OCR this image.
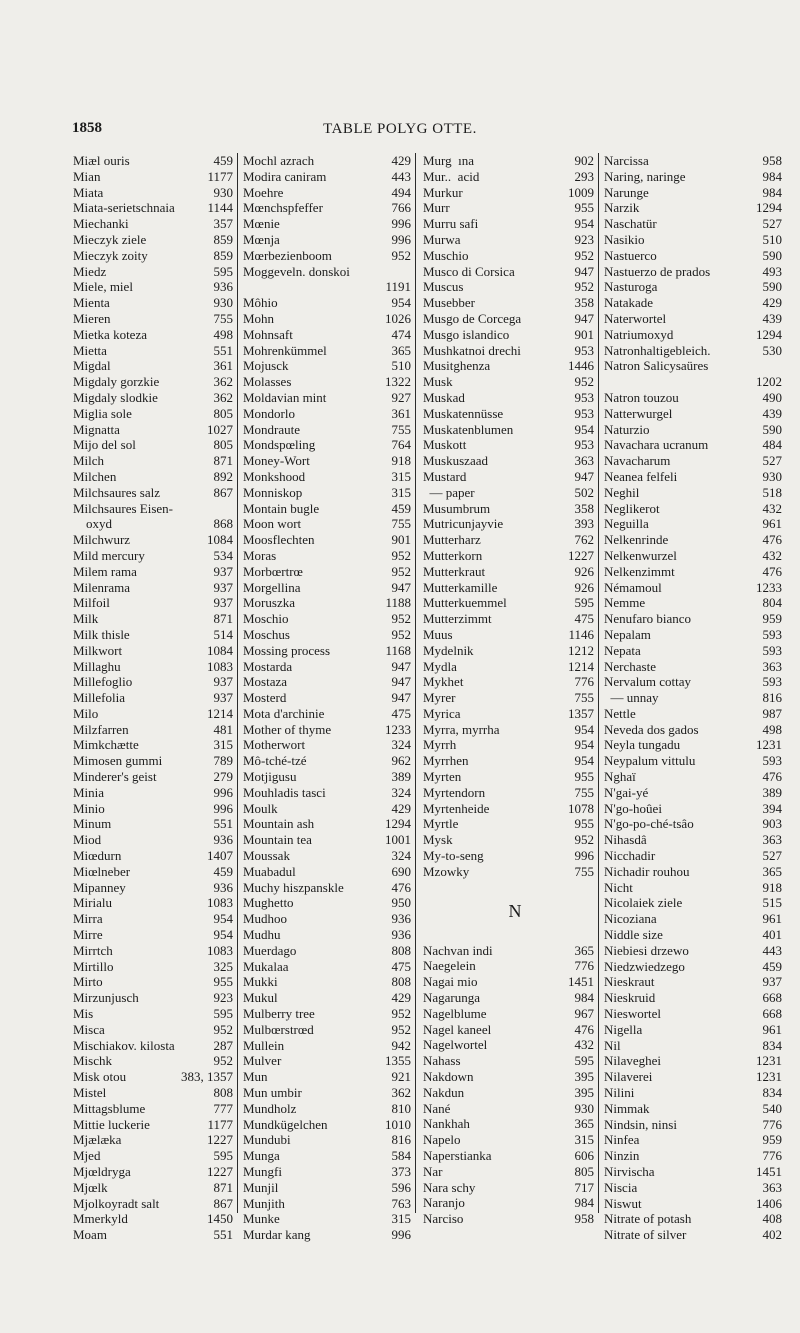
1858	TABLE POLYG OTTE.
Miæl ouris	459
Mian	1177
Miata	930
Miata-serietschnaia	1144
Miechanki	357
Mieczyk ziele	859
Mieczyk zoity	859
Miedz	595
Miele, miel	936
Mienta	930
Mieren	755
Mietka koteza	498
Mietta	551
Migdal	361
Migdaly gorzkie	362
Migdaly slodkie	362
Miglia sole	805
Mignatta	1027
Mijo del sol	805
Milch	871
Milchen	892
Milchsaures salz	867
Milchsaures Eisen-
oxyd	868
Milchwurz	1084
Mild mercury	534
Milem rama	937
Milenrama	937
Milfoil	937
Milk	871
Milk thisle	514
Milkwort	1084
Millaghu	1083
Millefoglio	937
Millefolia	937
Milo	1214
Milzfarren	481
Mimkchætte	315
Mimosen gummi	789
Minderer's geist	279
Minia	996
Minio	996
Minum	551
Miod	936
Miœdurn	1407
Miœlneber	459
Mipanney	936
Mirialu	1083
Mirra	954
Mirre	954
Mirrtch	1083
Mirtillo	325
Mirto	955
Mirzunjusch	923
Mis	595
Misca	952
Mischiakov. kilosta	287
Mischk	952
Misk otou	383, 1357
Mistel	808
Mittagsblume	777
Mittie luckerie	1177
Mjælæka	1227
Mjed	595
Mjœldryga	1227
Mjœlk	871
Mjolkoyradt salt	867
Mmerkyld	1450
Moam	551
Mochl azrach	429
Modira caniram	443
Moehre	494
Mœnchspfeffer	766
Mœnie	996
Mœnja	996
Mœrbezienboom	952
Moggeveln. donskoi
1191
Môhio	954
Mohn	1026
Mohnsaft	474
Mohrenkümmel	365
Mojusck	510
Molasses	1322
Moldavian mint	927
Mondorlo	361
Mondraute	755
Mondspœling	764
Money-Wort	918
Monkshood	315
Monniskop	315
Montain bugle	459
Moon wort	755
Moosflechten	901
Moras	952
Morbœrtrœ	952
Morgellina	947
Moruszka	1188
Moschio	952
Moschus	952
Mossing process	1168
Mostarda	947
Mostaza	947
Mosterd	947
Mota d'archinie	475
Mother of thyme	1233
Motherwort	324
Mô-tché-tzé	962
Motjigusu	389
Mouhladis tasci	324
Moulk	429
Mountain ash	1294
Mountain tea	1001
Moussak	324
Muabadul	690
Muchy hiszpanskle	476
Mughetto	950
Mudhoo	936
Mudhu	936
Muerdago	808
Mukalaa	475
Mukki	808
Mukul	429
Mulberry tree	952
Mulbœrstrœd	952
Mullein	942
Mulver	1355
Mun	921
Mun umbir	362
Mundholz	810
Mundkügelchen	1010
Mundubi	816
Munga	584
Mungfi	373
Munjil	596
Munjith	763
Munke	315
Murdar kang	996
Murg  ına	902
Mur..  acid	293
Murkur	1009
Murr	955
Murru safi	954
Murwa	923
Muschio	952
Musco di Corsica	947
Muscus	952
Musebber	358
Musgo de Corcega	947
Musgo islandico	901
Mushkatnoi drechi	953
Musitghenza	1446
Musk	952
Muskad	953
Muskatennüsse	953
Muskatenblumen	954
Muskott	953
Muskuszaad	363
Mustard	947
— paper	502
Musumbrum	358
Mutricunjayvie	393
Mutterharz	762
Mutterkorn	1227
Mutterkraut	926
Mutterkamille	926
Mutterkuemmel	595
Mutterzimmt	475
Muus	1146
Mydelnik	1212
Mydla	1214
Mykhet	776
Myrer	755
Myrica	1357
Myrra, myrrha	954
Myrrh	954
Myrrhen	954
Myrten	955
Myrtendorn	755
Myrtenheide	1078
Myrtle	955
Mysk	952
My-to-seng	996
Mzowky	755
N
Nachvan indi	365
Naegelein	776
Nagai mio	1451
Nagarunga	984
Nagelblume	967
Nagel kaneel	476
Nagelwortel	432
Nahass	595
Nakdown	395
Nakdun	395
Nané	930
Nankhah	365
Napelo	315
Naperstianka	606
Nar	805
Nara schy	717
Naranjo	984
Narciso	958
Narcissa	958
Naring, naringe	984
Narunge	984
Narzik	1294
Naschatür	527
Nasikio	510
Nastuerco	590
Nastuerzo de prados	493
Nasturoga	590
Natakade	429
Naterwortel	439
Natriumoxyd	1294
Natronhaltigebleich.	530
Natron Salicysaüres
1202
Natron touzou	490
Natterwurgel	439
Naturzio	590
Navachara ucranum	484
Navacharum	527
Neanea felfeli	930
Neghil	518
Neglikerot	432
Neguilla	961
Nelkenrinde	476
Nelkenwurzel	432
Nelkenzimmt	476
Némamoul	1233
Nemme	804
Nenufaro bianco	959
Nepalam	593
Nepata	593
Nerchaste	363
Nervalum cottay	593
— unnay	816
Nettle	987
Neveda dos gados	498
Neyla tungadu	1231
Neypalum vittulu	593
Nghaï	476
N'gai-yé	389
N'go-hoûei	394
N'go-po-ché-tsâo	903
Nihasdâ	363
Nicchadir	527
Nichadir rouhou	365
Nicht	918
Nicolaiek ziele	515
Nicoziana	961
Niddle size	401
Niebiesi drzewo	443
Niedzwiedzego	459
Nieskraut	937
Nieskruid	668
Nieswortel	668
Nigella	961
Nil	834
Nilaveghei	1231
Nilaverei	1231
Nilini	834
Nimmak	540
Nindsin, ninsi	776
Ninfea	959
Ninzin	776
Nirvischa	1451
Niscia	363
Niswut	1406
Nitrate of potash	408
Nitrate of silver	402
